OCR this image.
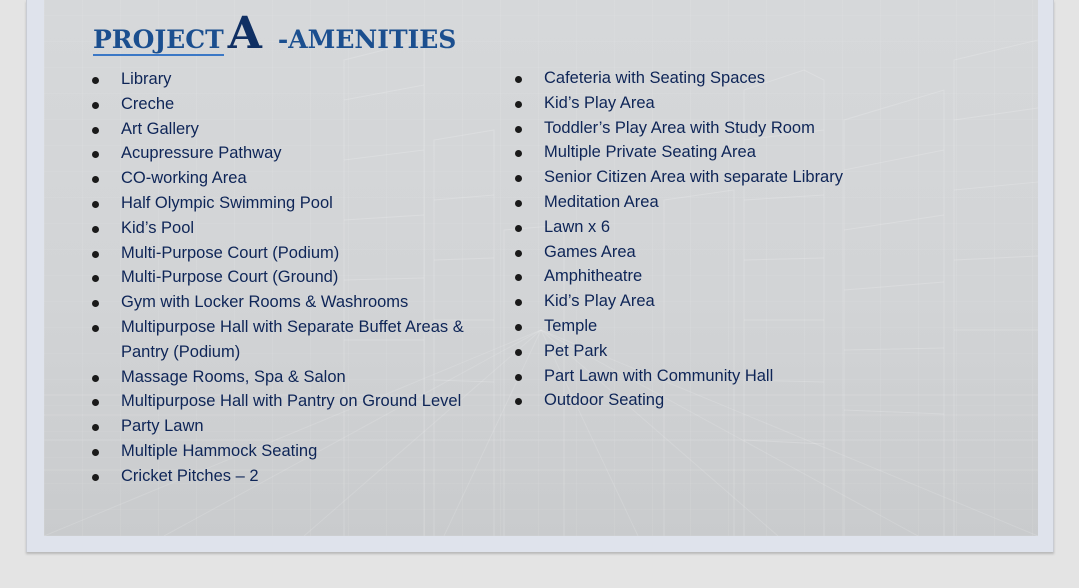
PROJECTA -AMENITIES
Library
Creche
Art Gallery
Acupressure Pathway
CO-working Area
Half Olympic Swimming Pool
Kid’s Pool
Multi-Purpose Court (Podium)
Multi-Purpose Court (Ground)
Gym with Locker Rooms & Washrooms
Multipurpose Hall with Separate Buffet Areas & Pantry (Podium)
Massage Rooms, Spa & Salon
Multipurpose Hall with Pantry on Ground Level
Party Lawn
Multiple Hammock Seating
Cricket Pitches – 2
Cafeteria with Seating Spaces
Kid’s Play Area
Toddler’s Play Area with Study Room
Multiple Private Seating Area
Senior Citizen Area with separate Library
Meditation Area
Lawn x 6
Games Area
Amphitheatre
Kid’s Play Area
Temple
Pet Park
Part Lawn with Community Hall
Outdoor Seating
